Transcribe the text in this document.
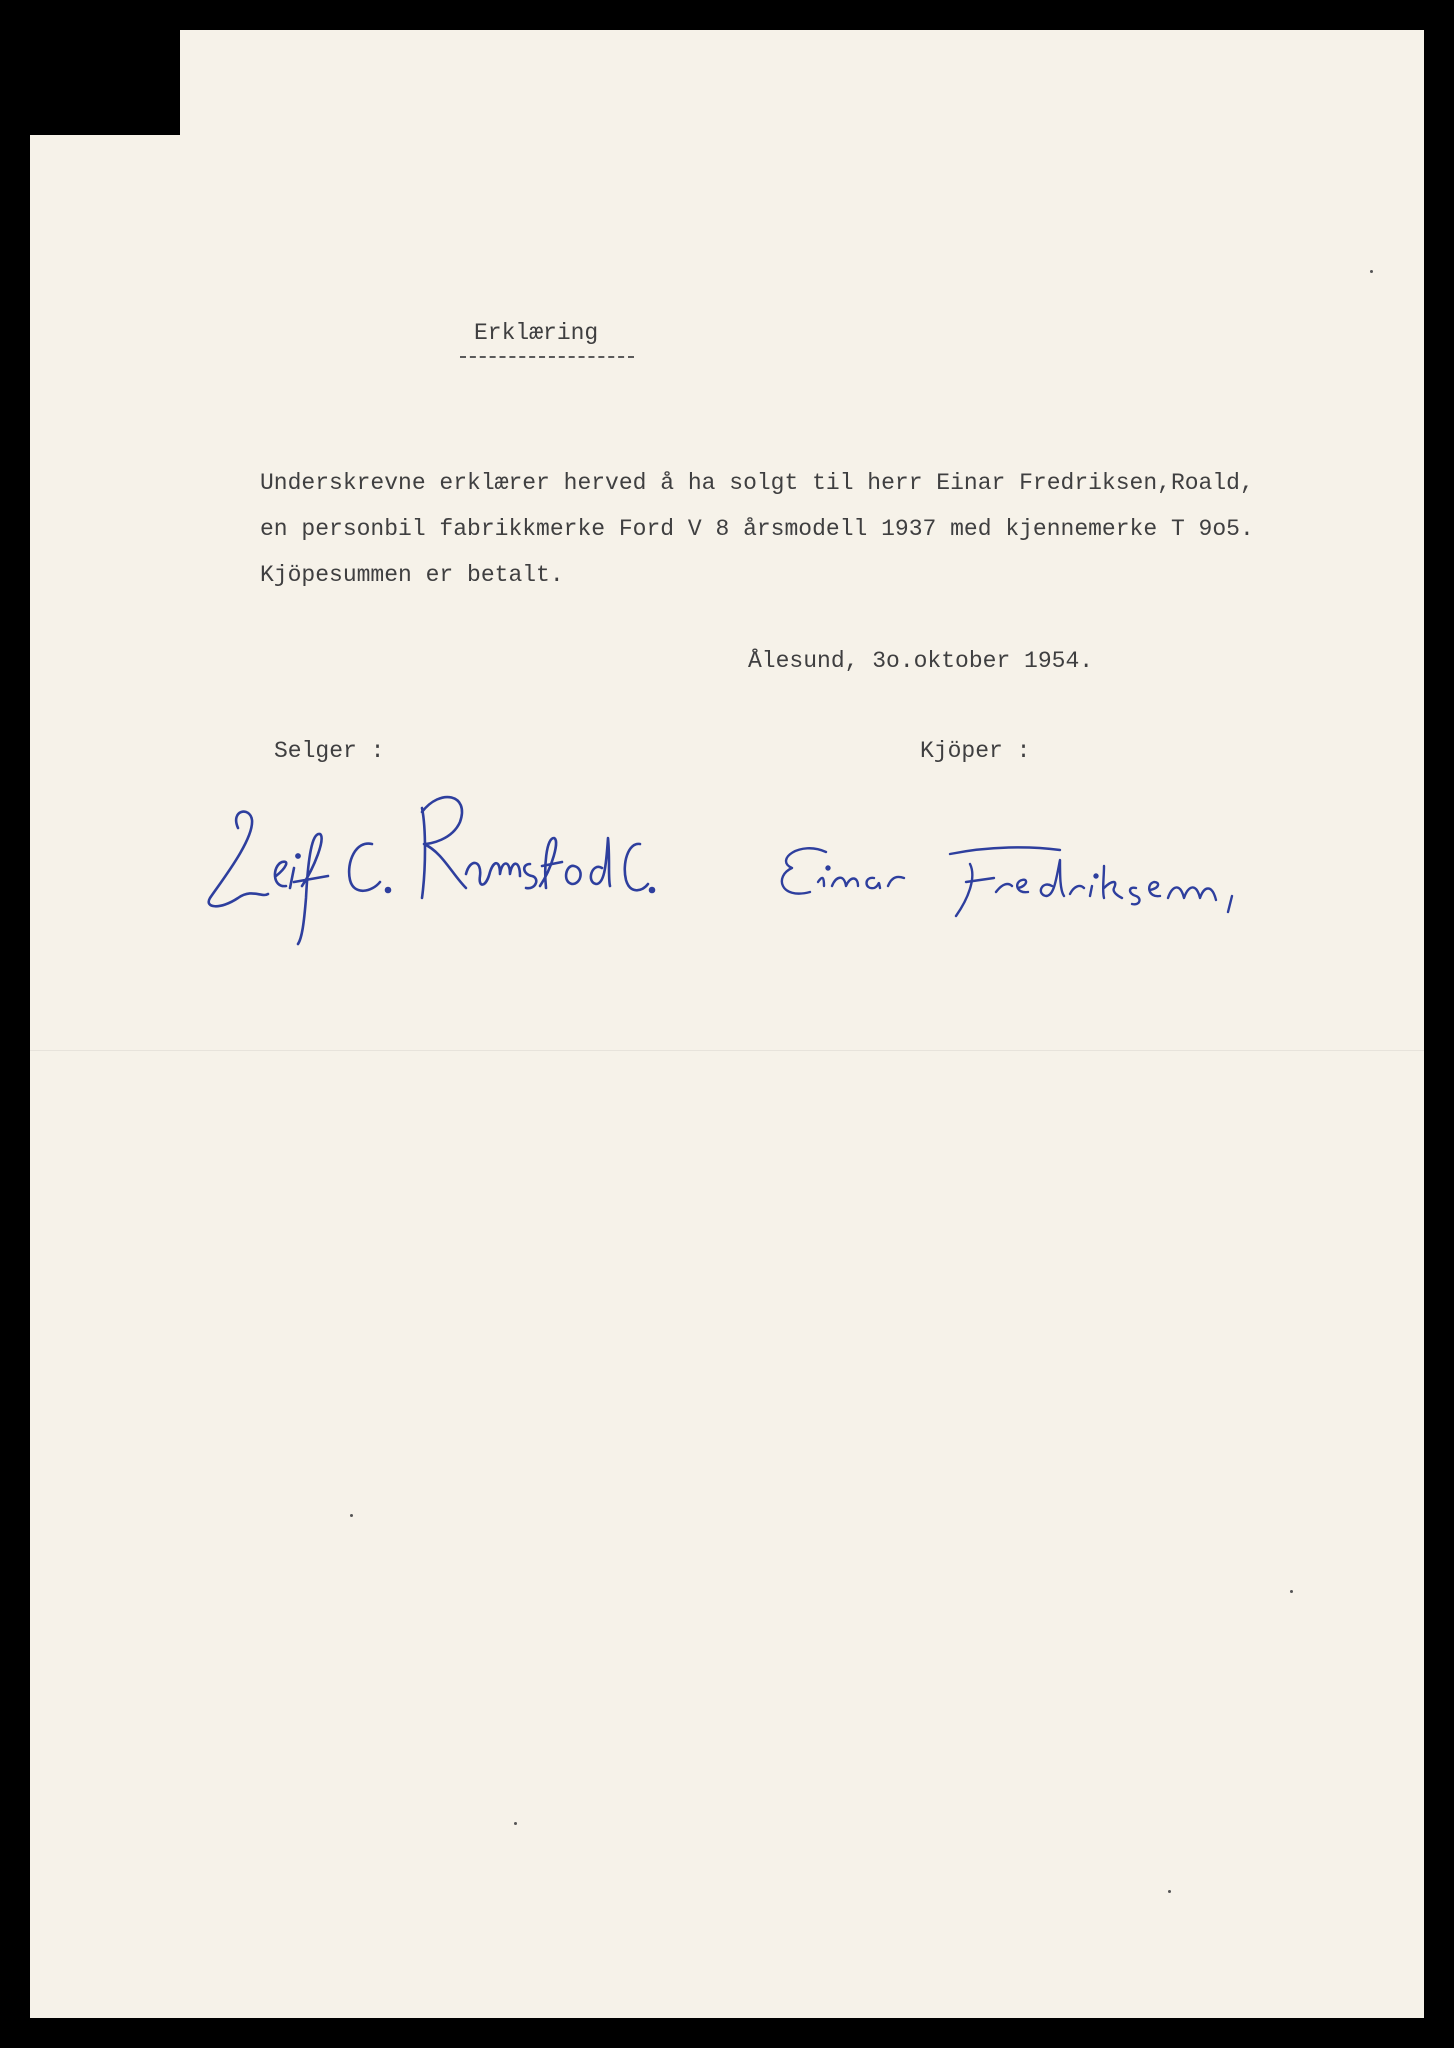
Erklæring
Underskrevne erklærer herved å ha solgt til herr Einar Fredriksen,Roald,
en personbil fabrikkmerke Ford V 8 årsmodell 1937 med kjennemerke T 9o5.
Kjöpesummen er betalt.
Ålesund, 3o.oktober 1954.
Selger :	Kjöper :
